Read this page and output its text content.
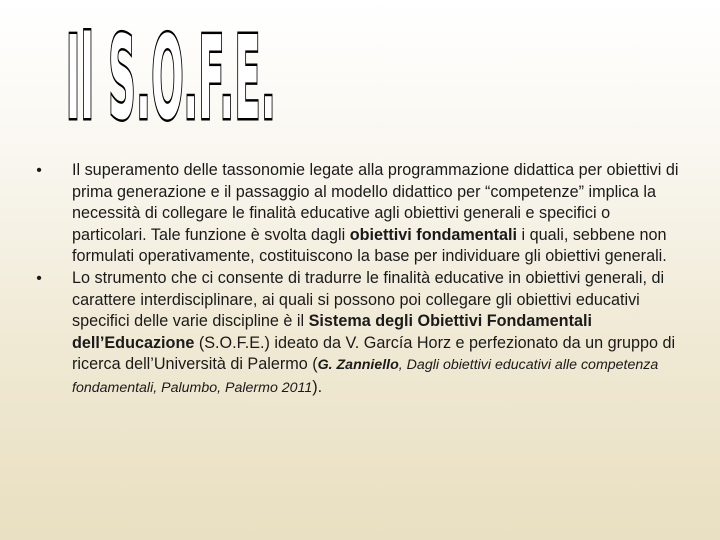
Il S.O.F.E.
• Il superamento delle tassonomie legate alla programmazione didattica per obiettivi di prima generazione e il passaggio al modello didattico per “competenze” implica la necessità di collegare le finalità educative agli obiettivi generali e specifici o particolari. Tale funzione è svolta dagli obiettivi fondamentali i quali, sebbene non formulati operativamente, costituiscono la base per individuare gli obiettivi generali.
• Lo strumento che ci consente di tradurre le finalità educative in obiettivi generali, di carattere interdisciplinare, ai quali si possono poi collegare gli obiettivi educativi specifici delle varie discipline è il Sistema degli Obiettivi Fondamentali dell’Educazione (S.O.F.E.) ideato da V. García Horz e perfezionato da un gruppo di ricerca dell’Università di Palermo (G. Zanniello, Dagli obiettivi educativi alle competenza fondamentali, Palumbo, Palermo 2011).
